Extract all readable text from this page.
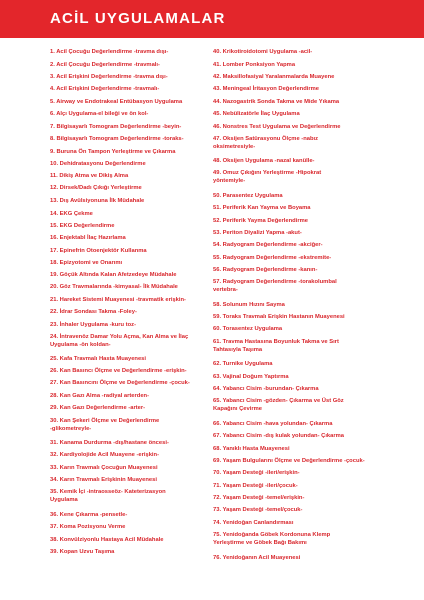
ACİL UYGULAMALAR
1. Acil Çocuğu Değerlendirme -travma dışı-
2. Acil Çocuğu Değerlendirme -travmalı-
3. Acil Erişkini Değerlendirme -travma dışı-
4. Acil Erişkini Değerlendirme -travmalı-
5. Airway ve Endotrakeal Entübasyon Uygulama
6. Alçı Uygulama-el bileği ve ön kol-
7. Bilgisayarlı Tomogram Değerlendirme -beyin-
8. Bilgisayarlı Tomogram Değerlendirme -toraks-
9. Buruna Ön Tampon Yerleştirme ve Çıkarma
10. Dehidratasyonu Değerlendirme
11. Dikiş Atma ve Dikiş Alma
12. Dirsek/Dadı Çıkığı Yerleştirme
13. Dış Avülsiyonuna İlk Müdahale
14. EKG Çekme
15. EKG Değerlendirme
16. Enjektabl İlaç Hazırlama
17. Epinefrin Otoenjektör Kullanma
18. Epizyotomi ve Onarımı
19. Göçük Altında Kalan Afetzedeye Müdahale
20. Göz Travmalarında -kimyasal- İlk Müdahale
21. Hareket Sistemi Muayenesi -travmatik erişkin-
22. İdrar Sondası Takma -Foley-
23. İnhaler Uygulama -kuru toz-
24. İntravenöz Damar Yolu Açma, Kan Alma ve İlaç
Uygulama -ön koldan-
25. Kafa Travmalı Hasta Muayenesi
26. Kan Basıncı Ölçme ve Değerlendirme -erişkin-
27. Kan Basıncını Ölçme ve Değerlendirme -çocuk-
28. Kan Gazı Alma -radiyal arterden-
29. Kan Gazı Değerlendirme -arter-
30. Kan Şekeri Ölçme ve Değerlendirme
-glikometreyle-
31. Kanama Durdurma -dış/hastane öncesi-
32. Kardiyolojide Acil Muayene -erişkin-
33. Karın Travmalı Çocuğun Muayenesi
34. Karın Travmalı Erişkinin Muayenesi
35. Kemik İçi -intraosseöz- Kateterizasyon
Uygulama
36. Kene Çıkarma -pensetle-
37. Koma Pozisyonu Verme
38. Konvülziyonlu Hastaya Acil Müdahale
39. Kopan Uzvu Taşıma
40. Krikotiroidotomi Uygulama -acil-
41. Lomber Ponksiyon Yapma
42. Maksillofasiyal Yaralanmalarda Muayene
43. Meningeal İritasyon Değerlendirme
44. Nazogastrik Sonda Takma ve Mide Yıkama
45. Nebülizatörle İlaç Uygulama
46. Nonstres Test Uygulama ve Değerlendirme
47. Oksijen Satürasyonu Ölçme -nabız
oksimetresiyle-
48. Oksijen Uygulama -nazal kanülle-
49. Omuz Çıkığını Yerleştirme -Hipokrat
yöntemiyle-
50. Parasentez Uygulama
51. Periferik Kan Yayma ve Boyama
52. Periferik Yayma Değerlendirme
53. Periton Diyalizi Yapma -akut-
54. Radyogram Değerlendirme -akciğer-
55. Radyogram Değerlendirme -ekstremite-
56. Radyogram Değerlendirme -kanın-
57. Radyogram Değerlendirme -torakolumbal
vertebra-
58. Solunum Hızını Sayma
59. Toraks Travmalı Erişkin Hastanın Muayenesi
60. Torasentez Uygulama
61. Travma Hastasına Boyunluk Takma ve Sırt
Tahtasıyla Taşıma
62. Turnike Uygulama
63. Vajinal Doğum Yaptırma
64. Yabancı Cisim -burundan- Çıkarma
65. Yabancı Cisim -gözden- Çıkarma ve Üst Göz
Kapağını Çevirme
66. Yabancı Cisim -hava yolundan- Çıkarma
67. Yabancı Cisim -dış kulak yolundan- Çıkarma
68. Yanıklı Hasta Muayenesi
69. Yaşam Bulgularını Ölçme ve Değerlendirme -çocuk-
70. Yaşam Desteği -ileri/erişkin-
71. Yaşam Desteği -ileri/çocuk-
72. Yaşam Desteği -temel/erişkin-
73. Yaşam Desteği -temel/çocuk-
74. Yenidoğan Canlandırması
75. Yenidoğanda Göbek Kordonuna Klemp
Yerleştirme ve Göbek Bağı Bakımı
76. Yenidoğanın Acil Muayenesi
